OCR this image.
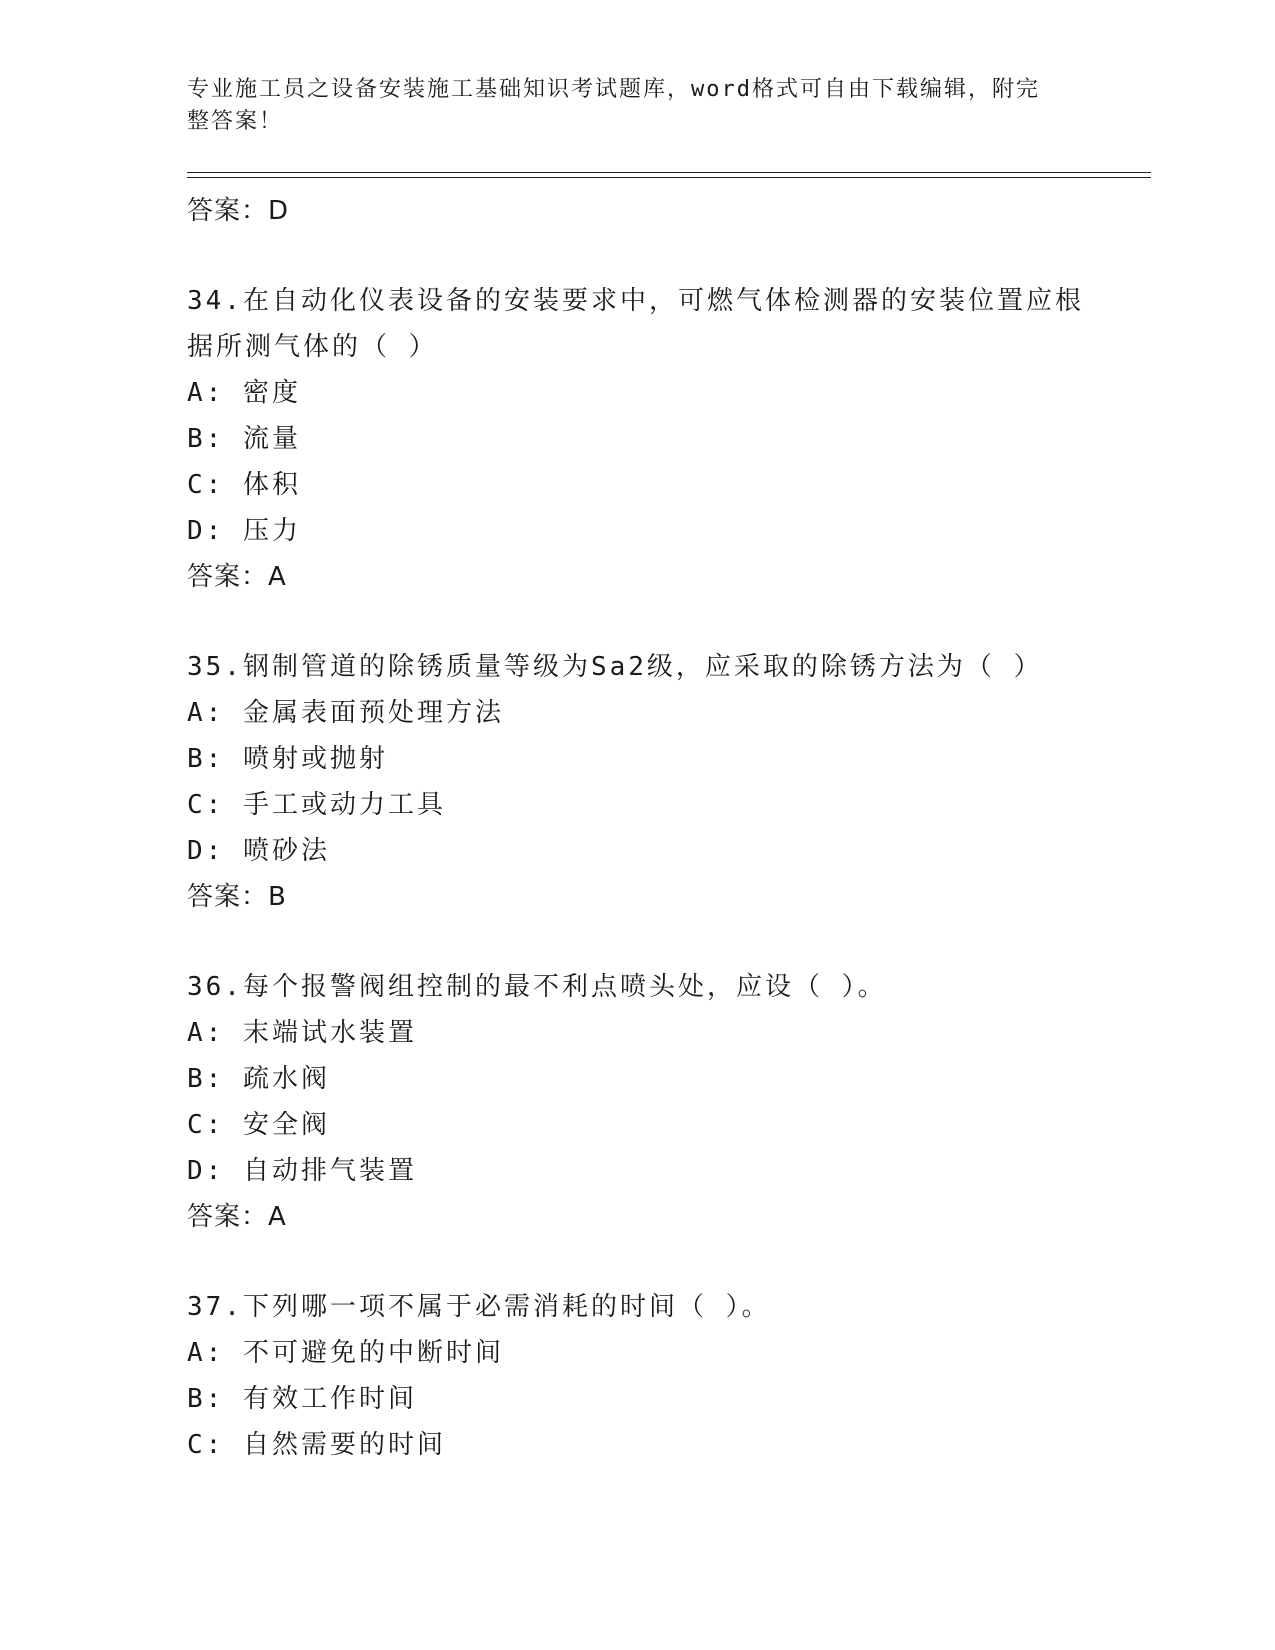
专业施工员之设备安装施工基础知识考试题库，word格式可自由下载编辑，附完
整答案！
答案：D
34.在自动化仪表设备的安装要求中，可燃气体检测器的安装位置应根
据所测气体的（ ）
A: 密度
B: 流量
C: 体积
D: 压力
答案：A
35.钢制管道的除锈质量等级为Sa2级，应采取的除锈方法为（ ）
A: 金属表面预处理方法
B: 喷射或抛射
C: 手工或动力工具
D: 喷砂法
答案：B
36.每个报警阀组控制的最不利点喷头处，应设（ ）。
A: 末端试水装置
B: 疏水阀
C: 安全阀
D: 自动排气装置
答案：A
37.下列哪一项不属于必需消耗的时间（ ）。
A: 不可避免的中断时间
B: 有效工作时间
C: 自然需要的时间
